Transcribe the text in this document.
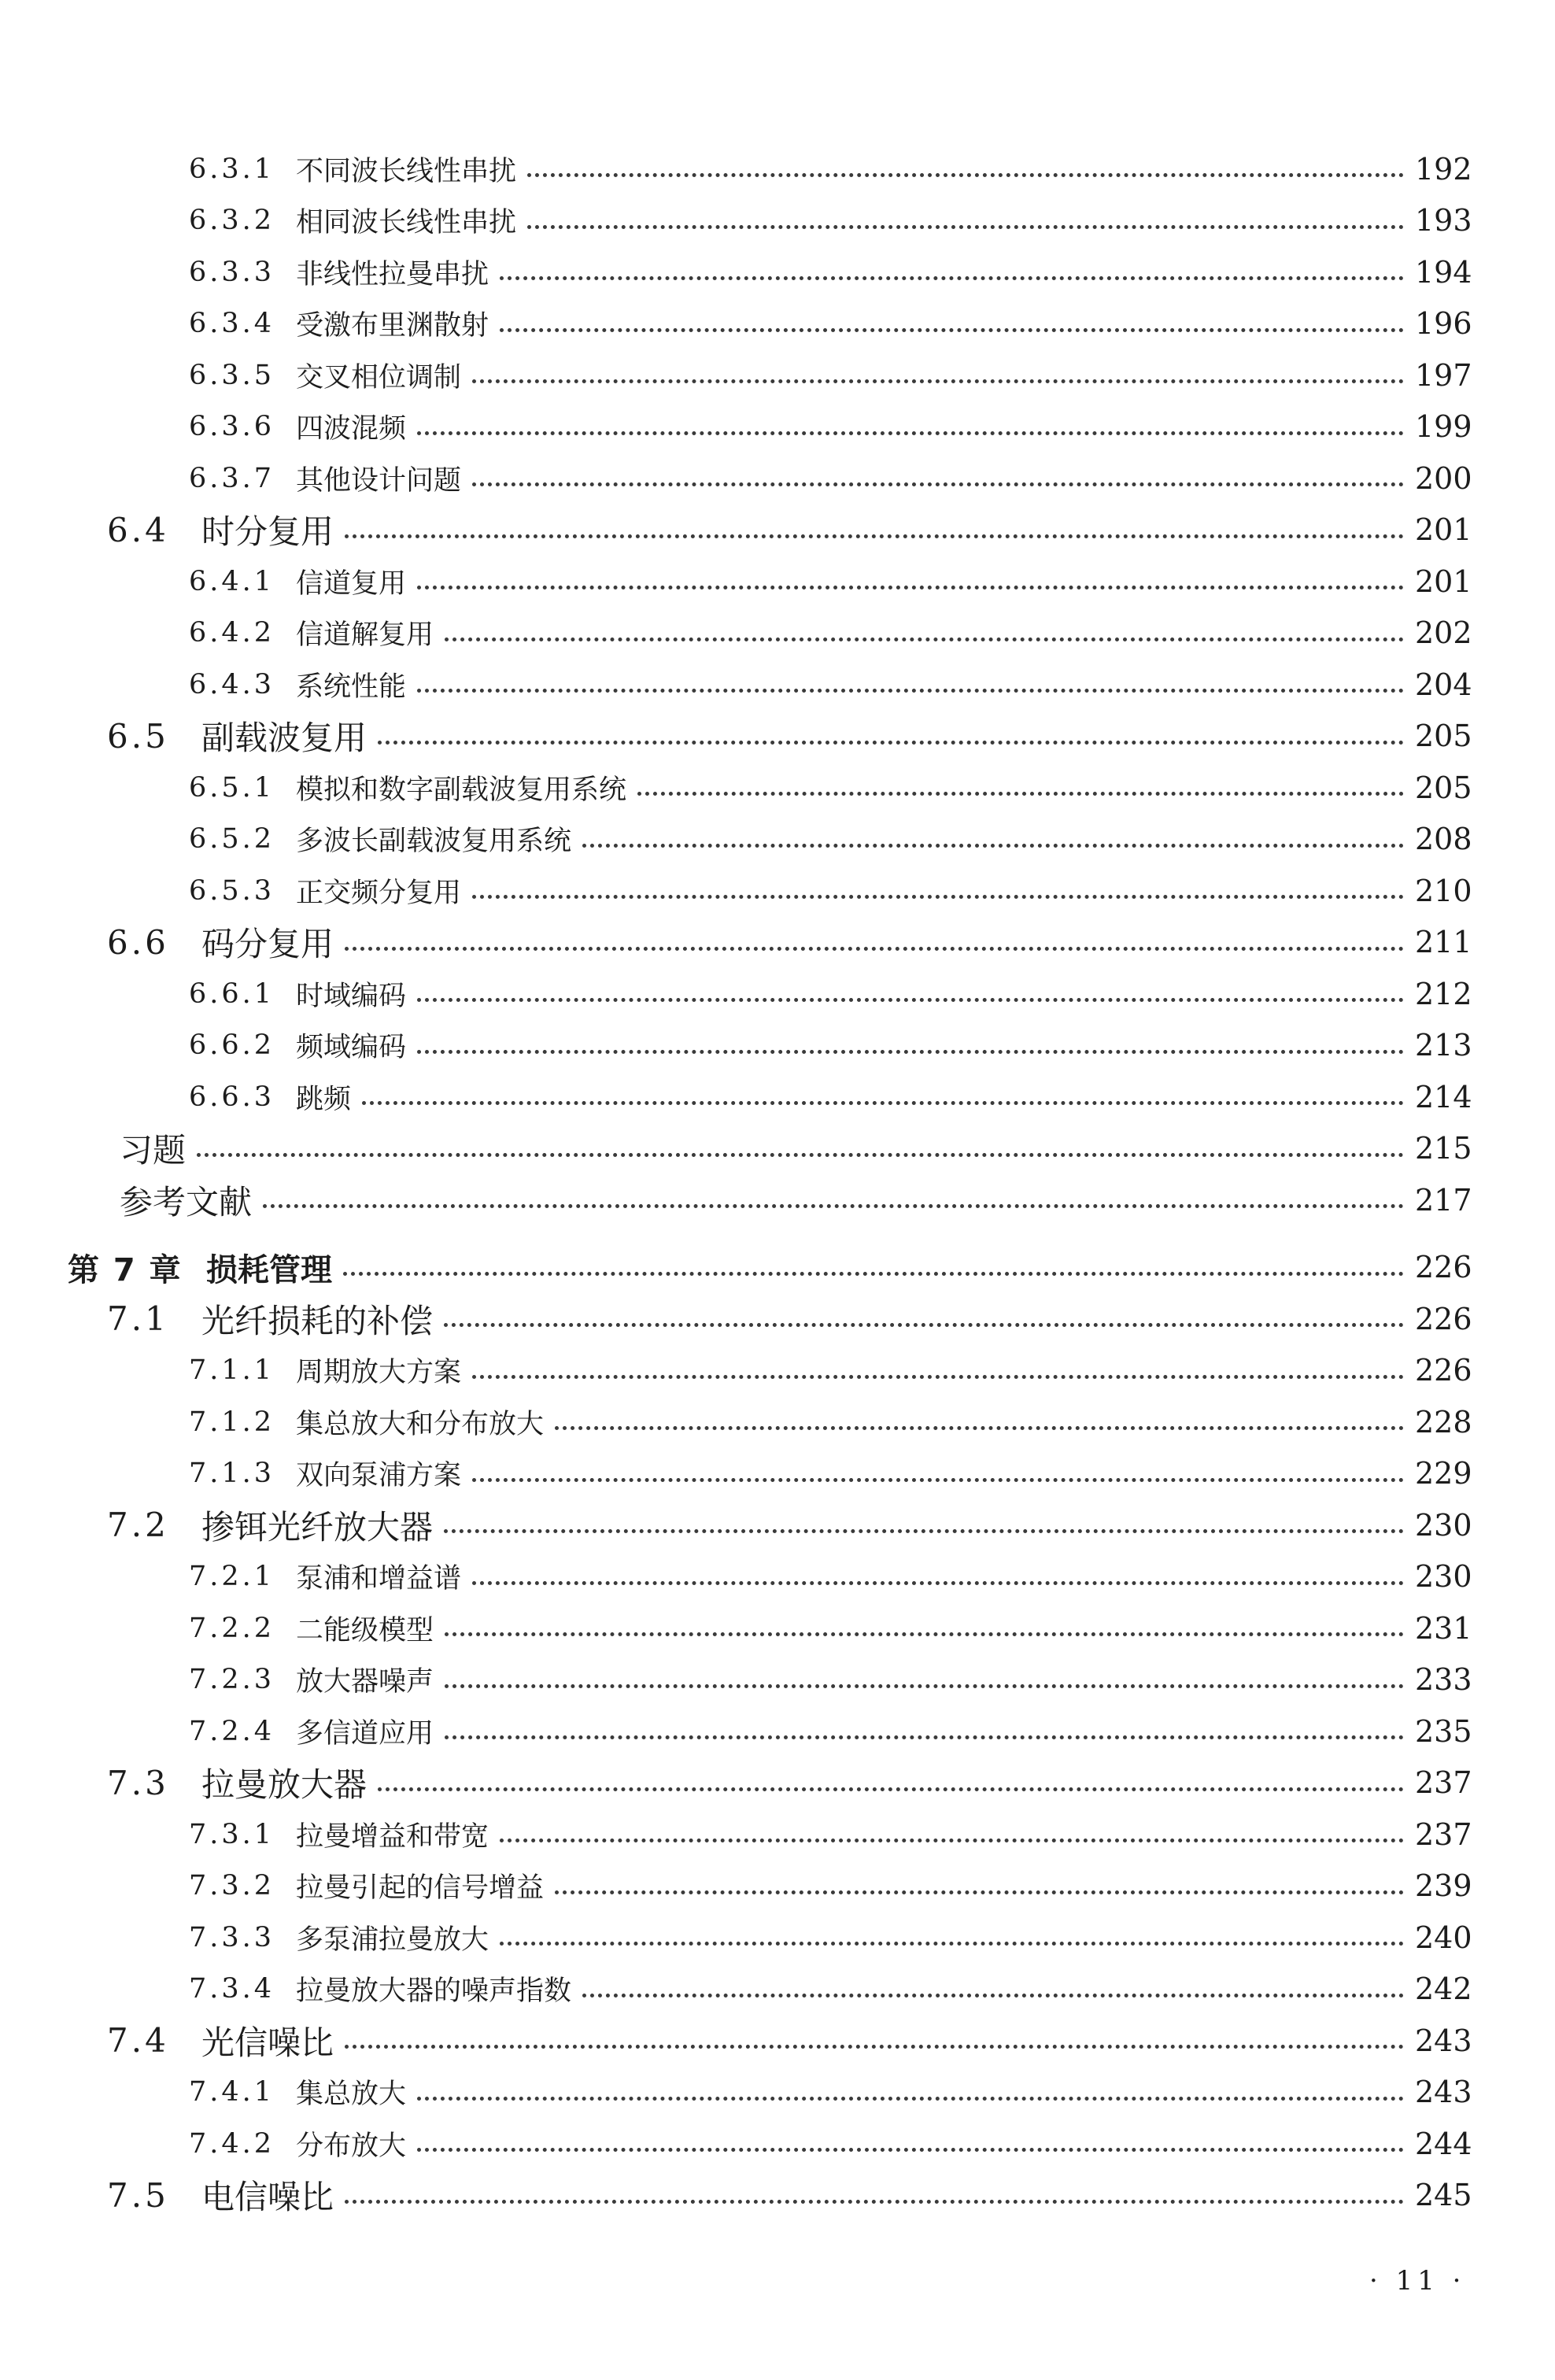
6.3.1 不同波长线性串扰	192
6.3.2 相同波长线性串扰	193
6.3.3 非线性拉曼串扰	194
6.3.4 受激布里渊散射	196
6.3.5 交叉相位调制	197
6.3.6 四波混频	199
6.3.7 其他设计问题	200
6.4 时分复用	201
6.4.1 信道复用	201
6.4.2 信道解复用	202
6.4.3 系统性能	204
6.5 副载波复用	205
6.5.1 模拟和数字副载波复用系统	205
6.5.2 多波长副载波复用系统	208
6.5.3 正交频分复用	210
6.6 码分复用	211
6.6.1 时域编码	212
6.6.2 频域编码	213
6.6.3 跳频	214
习题	215
参考文献	217
第 7 章 损耗管理	226
7.1 光纤损耗的补偿	226
7.1.1 周期放大方案	226
7.1.2 集总放大和分布放大	228
7.1.3 双向泵浦方案	229
7.2 掺铒光纤放大器	230
7.2.1 泵浦和增益谱	230
7.2.2 二能级模型	231
7.2.3 放大器噪声	233
7.2.4 多信道应用	235
7.3 拉曼放大器	237
7.3.1 拉曼增益和带宽	237
7.3.2 拉曼引起的信号增益	239
7.3.3 多泵浦拉曼放大	240
7.3.4 拉曼放大器的噪声指数	242
7.4 光信噪比	243
7.4.1 集总放大	243
7.4.2 分布放大	244
7.5 电信噪比	245
· 11 ·
